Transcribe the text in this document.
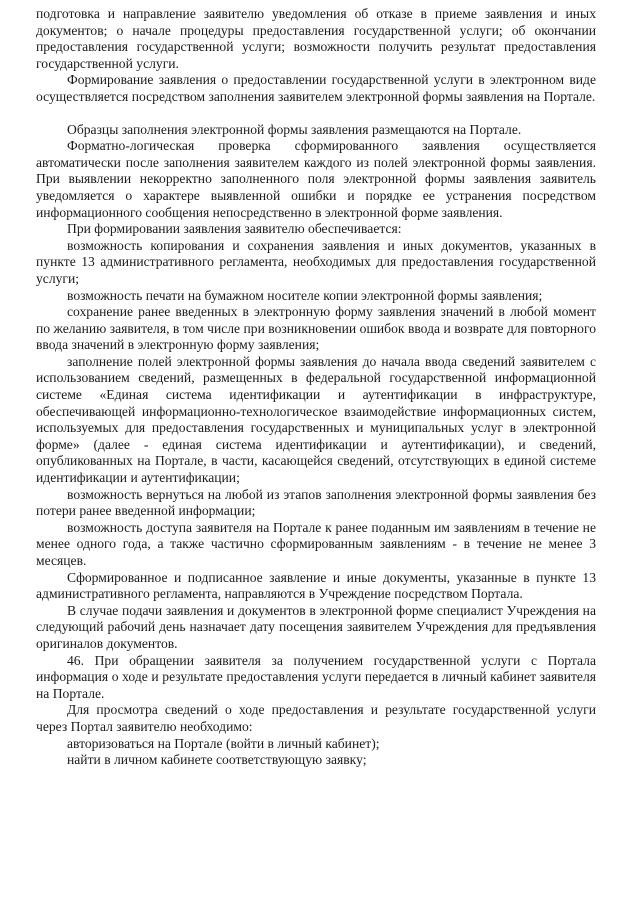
подготовка и направление заявителю уведомления об отказе в приеме заявления и иных документов; о начале процедуры предоставления государственной услуги; об окончании предоставления государственной услуги; возможности получить результат предоставления государственной услуги.

Формирование заявления о предоставлении государственной услуги в электронном виде осуществляется посредством заполнения заявителем электронной формы заявления на Портале.

Образцы заполнения электронной формы заявления размещаются на Портале.

Форматно-логическая проверка сформированного заявления осуществляется автоматически после заполнения заявителем каждого из полей электронной формы заявления. При выявлении некорректно заполненного поля электронной формы заявления заявитель уведомляется о характере выявленной ошибки и порядке ее устранения посредством информационного сообщения непосредственно в электронной форме заявления.

При формировании заявления заявителю обеспечивается:

возможность копирования и сохранения заявления и иных документов, указанных в пункте 13 административного регламента, необходимых для предоставления государственной услуги;

возможность печати на бумажном носителе копии электронной формы заявления;

сохранение ранее введенных в электронную форму заявления значений в любой момент по желанию заявителя, в том числе при возникновении ошибок ввода и возврате для повторного ввода значений в электронную форму заявления;

заполнение полей электронной формы заявления до начала ввода сведений заявителем с использованием сведений, размещенных в федеральной государственной информационной системе «Единая система идентификации и аутентификации в инфраструктуре, обеспечивающей информационно-технологическое взаимодействие информационных систем, используемых для предоставления государственных и муниципальных услуг в электронной форме» (далее - единая система идентификации и аутентификации), и сведений, опубликованных на Портале, в части, касающейся сведений, отсутствующих в единой системе идентификации и аутентификации;

возможность вернуться на любой из этапов заполнения электронной формы заявления без потери ранее введенной информации;

возможность доступа заявителя на Портале к ранее поданным им заявлениям в течение не менее одного года, а также частично сформированным заявлениям - в течение не менее 3 месяцев.

Сформированное и подписанное заявление и иные документы, указанные в пункте 13 административного регламента, направляются в Учреждение посредством Портала.

В случае подачи заявления и документов в электронной форме специалист Учреждения на следующий рабочий день назначает дату посещения заявителем Учреждения для предъявления оригиналов документов.

46. При обращении заявителя за получением государственной услуги с Портала информация о ходе и результате предоставления услуги передается в личный кабинет заявителя на Портале.

Для просмотра сведений о ходе предоставления и результате государственной услуги через Портал заявителю необходимо:

авторизоваться на Портале (войти в личный кабинет);

найти в личном кабинете соответствующую заявку;
